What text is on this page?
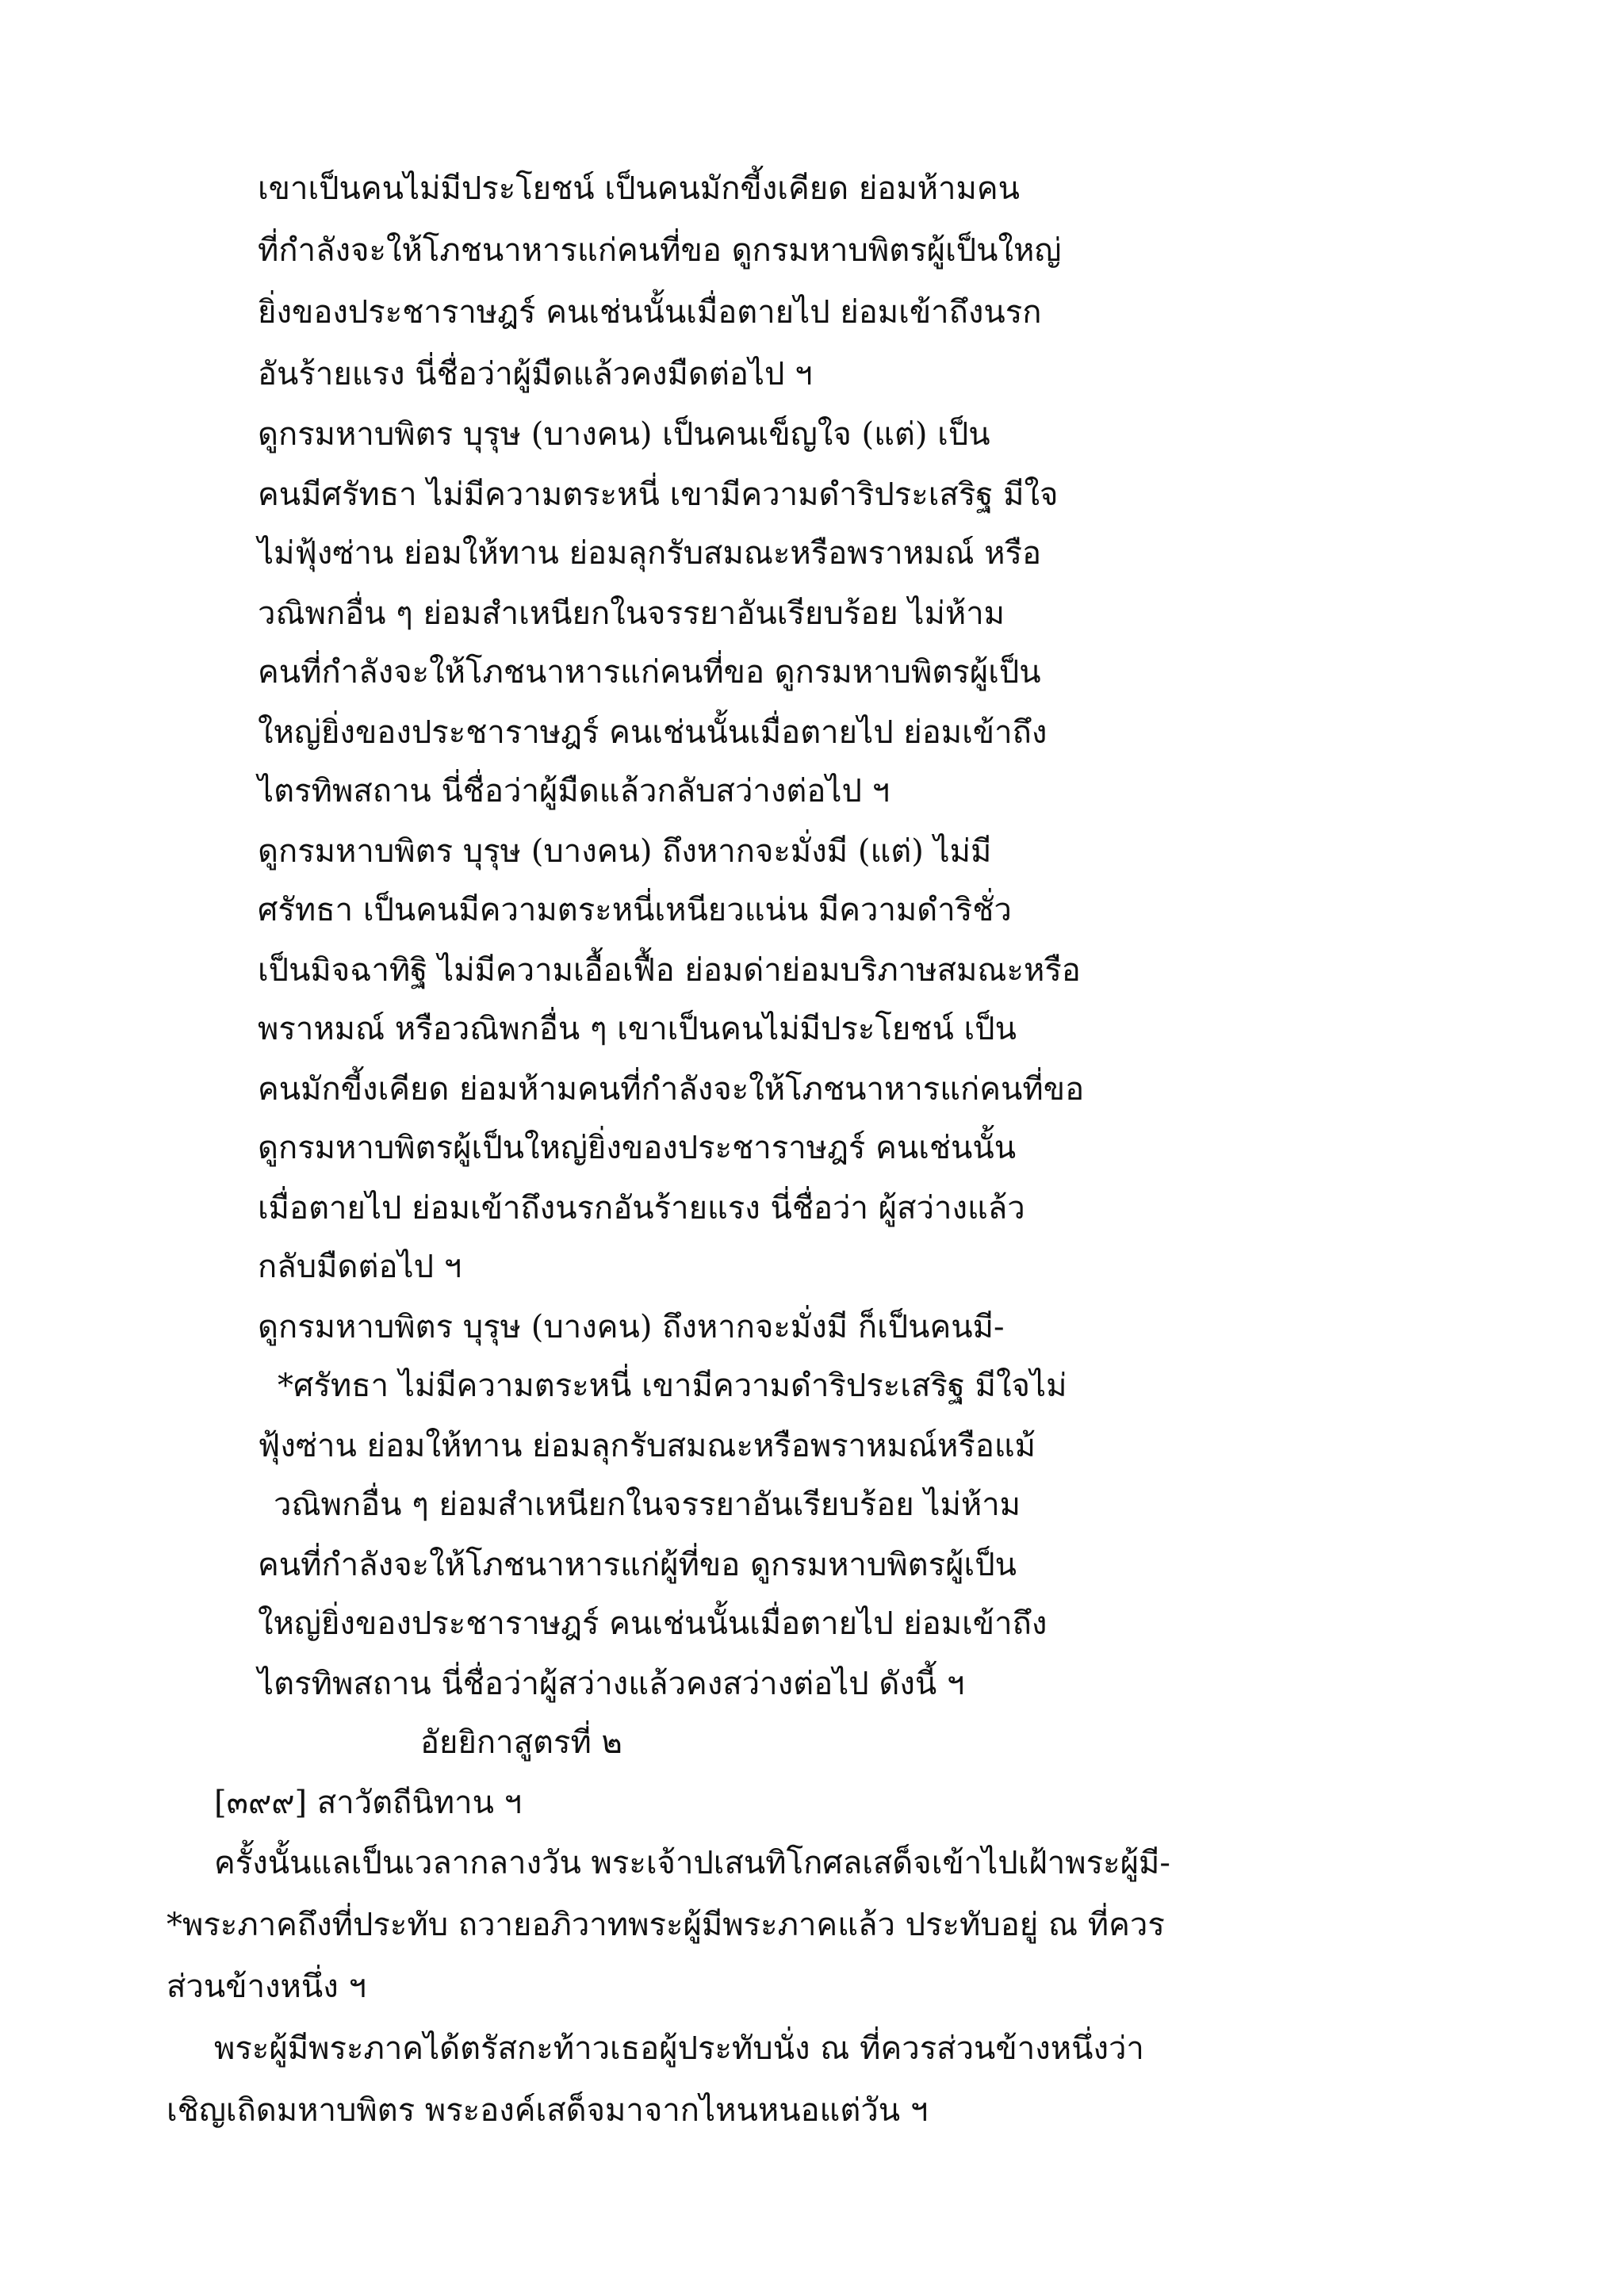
เขาเป็นคนไม่มีประโยชน์ เป็นคนมักขี้งเคียด ย่อมห้ามคน
ที่กำลังจะให้โภชนาหารแก่คนที่ขอ ดูกรมหาบพิตรผู้เป็นใหญ่
ยิ่งของประชาราษฎร์ คนเช่นนั้นเมื่อตายไป ย่อมเข้าถึงนรก
อันร้ายแรง นี่ชื่อว่าผู้มืดแล้วคงมืดต่อไป ฯ
ดูกรมหาบพิตร บุรุษ (บางคน) เป็นคนเข็ญใจ (แต่) เป็น
คนมีศรัทธา ไม่มีความตระหนี่ เขามีความดำริประเสริฐ มีใจ
ไม่ฟุ้งซ่าน ย่อมให้ทาน ย่อมลุกรับสมณะหรือพราหมณ์ หรือ
วณิพกอื่น ๆ ย่อมสำเหนียกในจรรยาอันเรียบร้อย ไม่ห้าม
คนที่กำลังจะให้โภชนาหารแก่คนที่ขอ ดูกรมหาบพิตรผู้เป็น
ใหญ่ยิ่งของประชาราษฎร์ คนเช่นนั้นเมื่อตายไป ย่อมเข้าถึง
ไตรทิพสถาน นี่ชื่อว่าผู้มืดแล้วกลับสว่างต่อไป ฯ
ดูกรมหาบพิตร บุรุษ (บางคน) ถึงหากจะมั่งมี (แต่) ไม่มี
ศรัทธา เป็นคนมีความตระหนี่เหนียวแน่น มีความดำริชั่ว
เป็นมิจฉาทิฐิ ไม่มีความเอื้อเฟื้อ ย่อมด่าย่อมบริภาษสมณะหรือ
พราหมณ์ หรือวณิพกอื่น ๆ เขาเป็นคนไม่มีประโยชน์ เป็น
คนมักขี้งเคียด ย่อมห้ามคนที่กำลังจะให้โภชนาหารแก่คนที่ขอ
ดูกรมหาบพิตรผู้เป็นใหญ่ยิ่งของประชาราษฎร์ คนเช่นนั้น
เมื่อตายไป ย่อมเข้าถึงนรกอันร้ายแรง นี่ชื่อว่า ผู้สว่างแล้ว
กลับมืดต่อไป ฯ
ดูกรมหาบพิตร บุรุษ (บางคน) ถึงหากจะมั่งมี ก็เป็นคนมี-
*ศรัทธา ไม่มีความตระหนี่ เขามีความดำริประเสริฐ มีใจไม่
ฟุ้งซ่าน ย่อมให้ทาน ย่อมลุกรับสมณะหรือพราหมณ์หรือแม้
วณิพกอื่น ๆ ย่อมสำเหนียกในจรรยาอันเรียบร้อย ไม่ห้าม
คนที่กำลังจะให้โภชนาหารแก่ผู้ที่ขอ ดูกรมหาบพิตรผู้เป็น
ใหญ่ยิ่งของประชาราษฎร์ คนเช่นนั้นเมื่อตายไป ย่อมเข้าถึง
ไตรทิพสถาน นี่ชื่อว่าผู้สว่างแล้วคงสว่างต่อไป ดังนี้ ฯ
อัยยิกาสูตรที่ ๒
[๓๙๙] สาวัตถีนิทาน ฯ
ครั้งนั้นแลเป็นเวลากลางวัน พระเจ้าปเสนทิโกศลเสด็จเข้าไปเฝ้าพระผู้มี-
*พระภาคถึงที่ประทับ ถวายอภิวาทพระผู้มีพระภาคแล้ว ประทับอยู่ ณ ที่ควร
ส่วนข้างหนึ่ง ฯ
พระผู้มีพระภาคได้ตรัสกะท้าวเธอผู้ประทับนั่ง ณ ที่ควรส่วนข้างหนึ่งว่า
เชิญเถิดมหาบพิตร พระองค์เสด็จมาจากไหนหนอแต่วัน ฯ
